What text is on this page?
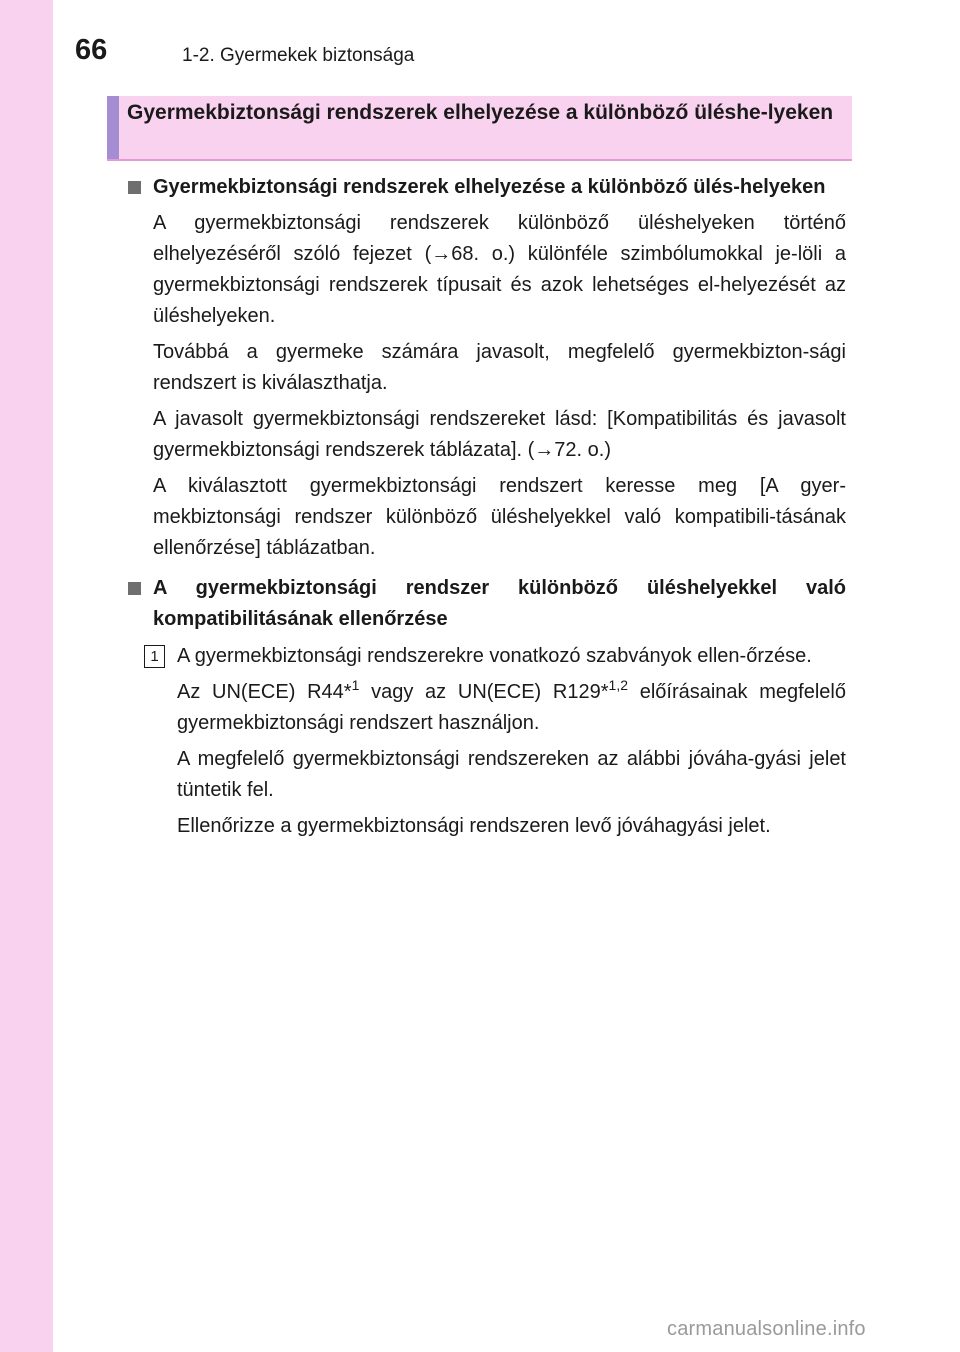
66	1-2. Gyermekek biztonsága
Gyermekbiztonsági rendszerek elhelyezése a különböző üléshe-lyeken
Gyermekbiztonsági rendszerek elhelyezése a különböző ülés-helyeken
A gyermekbiztonsági rendszerek különböző üléshelyeken történő elhelyezéséről szóló fejezet (→68. o.) különféle szimbólumokkal je-löli a gyermekbiztonsági rendszerek típusait és azok lehetséges el-helyezését az üléshelyeken.
Továbbá a gyermeke számára javasolt, megfelelő gyermekbizton-sági rendszert is kiválaszthatja.
A javasolt gyermekbiztonsági rendszereket lásd: [Kompatibilitás és javasolt gyermekbiztonsági rendszerek táblázata]. (→72. o.)
A kiválasztott gyermekbiztonsági rendszert keresse meg [A gyer-mekbiztonsági rendszer különböző üléshelyekkel való kompatibili-tásának ellenőrzése] táblázatban.
A gyermekbiztonsági rendszer különböző üléshelyekkel való kompatibilitásának ellenőrzése
1 A gyermekbiztonsági rendszerekre vonatkozó szabványok ellen-őrzése.
Az UN(ECE) R44*$^1$ vagy az UN(ECE) R129*$^{1,2}$ előírásainak megfelelő gyermekbiztonsági rendszert használjon.
A megfelelő gyermekbiztonsági rendszereken az alábbi jóváha-gyási jelet tüntetik fel.
Ellenőrizze a gyermekbiztonsági rendszeren levő jóváhagyási jelet.
carmanualsonline.info
